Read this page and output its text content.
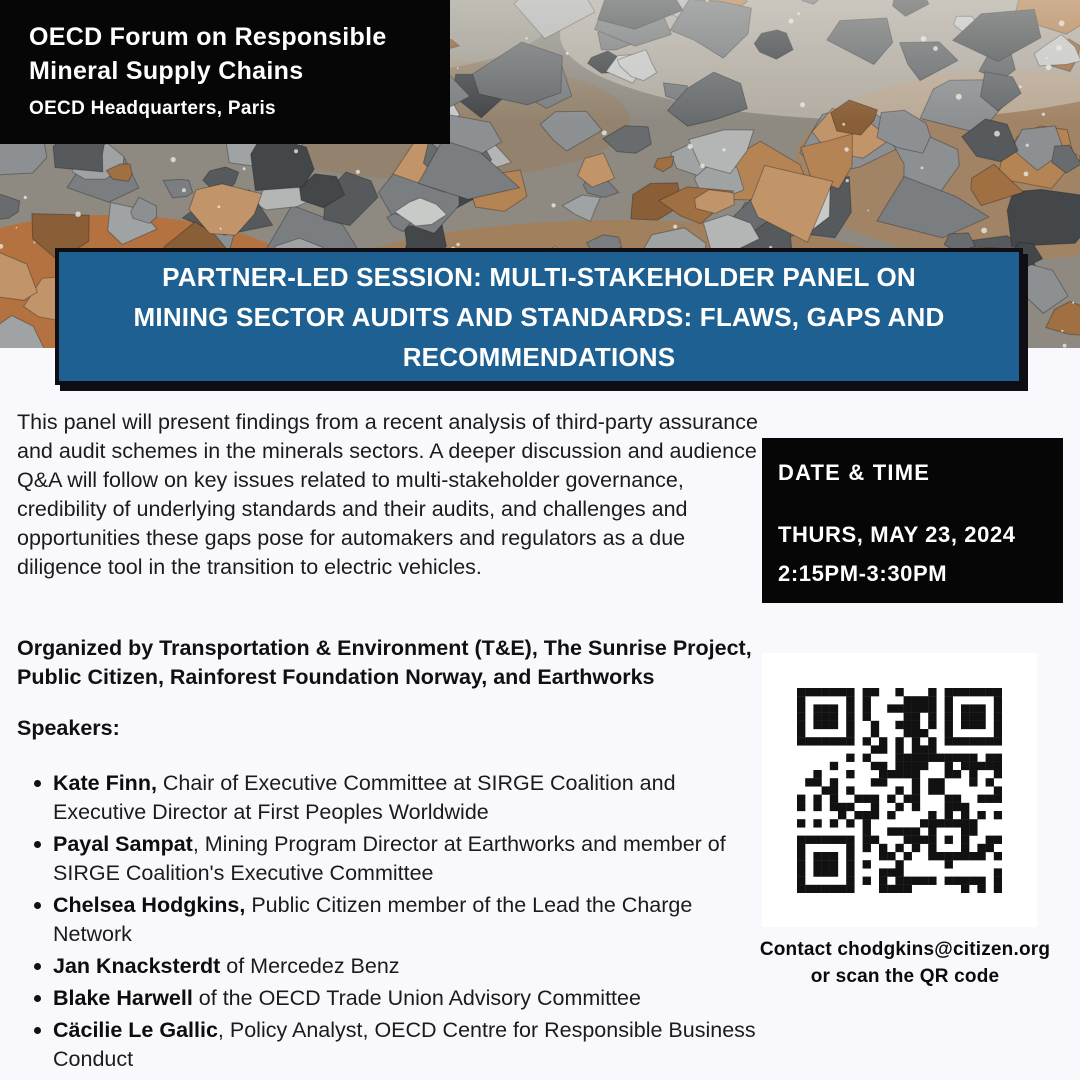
OECD Forum on Responsible Mineral Supply Chains
OECD Headquarters, Paris
PARTNER-LED SESSION: MULTI-STAKEHOLDER PANEL ON MINING SECTOR AUDITS AND STANDARDS: FLAWS, GAPS AND RECOMMENDATIONS

This panel will present findings from a recent analysis of third-party assurance and audit schemes in the minerals sectors. A deeper discussion and audience Q&A will follow on key issues related to multi-stakeholder governance, credibility of underlying standards and their audits, and challenges and opportunities these gaps pose for automakers and regulators as a due diligence tool in the transition to electric vehicles.

Organized by Transportation & Environment (T&E), The Sunrise Project, Public Citizen, Rainforest Foundation Norway, and Earthworks

Speakers:

Kate Finn, Chair of Executive Committee at SIRGE Coalition and Executive Director at First Peoples Worldwide
Payal Sampat, Mining Program Director at Earthworks and member of SIRGE Coalition's Executive Committee
Chelsea Hodgkins, Public Citizen member of the Lead the Charge Network
Jan Knacksterdt of Mercedez Benz
Blake Harwell of the OECD Trade Union Advisory Committee
Cäcilie Le Gallic, Policy Analyst, OECD Centre for Responsible Business Conduct
DATE & TIME
THURS, MAY 23, 2024
2:15PM-3:30PM
Contact chodgkins@citizen.org
or scan the QR code
